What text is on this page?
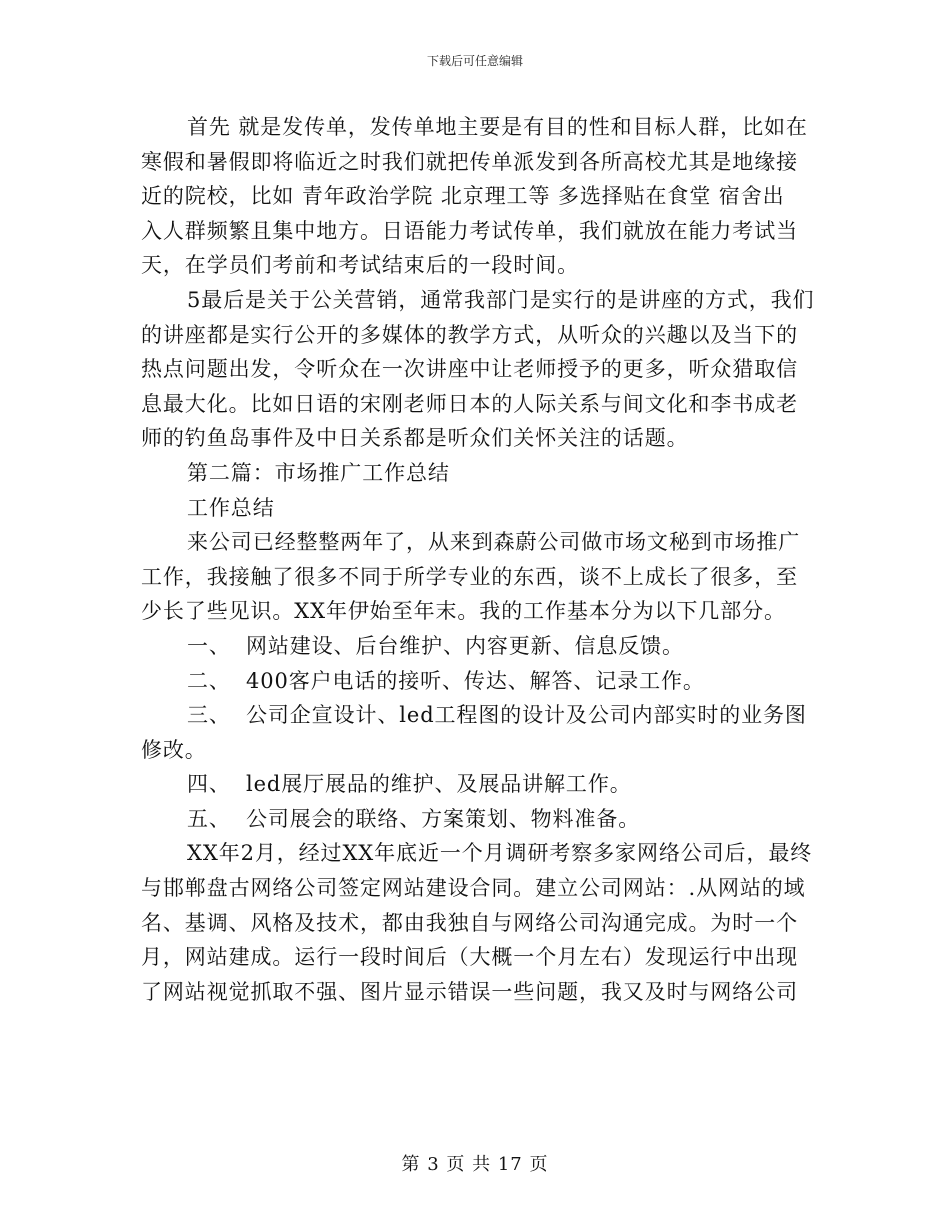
下载后可任意编辑

首先 就是发传单，发传单地主要是有目的性和目标人群，比如在

寒假和暑假即将临近之时我们就把传单派发到各所高校尤其是地缘接

近的院校，比如 青年政治学院 北京理工等 多选择贴在食堂 宿舍出

入人群频繁且集中地方。日语能力考试传单，我们就放在能力考试当

天，在学员们考前和考试结束后的一段时间。

5最后是关于公关营销，通常我部门是实行的是讲座的方式，我们

的讲座都是实行公开的多媒体的教学方式，从听众的兴趣以及当下的

热点问题出发，令听众在一次讲座中让老师授予的更多，听众猎取信

息最大化。比如日语的宋刚老师日本的人际关系与间文化和李书成老

师的钓鱼岛事件及中日关系都是听众们关怀关注的话题。

第二篇：市场推广工作总结

工作总结

来公司已经整整两年了，从来到森蔚公司做市场文秘到市场推广

工作，我接触了很多不同于所学专业的东西，谈不上成长了很多，至

少长了些见识。XX年伊始至年末。我的工作基本分为以下几部分。

一、  网站建设、后台维护、内容更新、信息反馈。

二、  400客户电话的接听、传达、解答、记录工作。

三、  公司企宣设计、led工程图的设计及公司内部实时的业务图

修改。

四、  led展厅展品的维护、及展品讲解工作。

五、  公司展会的联络、方案策划、物料准备。

XX年2月，经过XX年底近一个月调研考察多家网络公司后，最终

与邯郸盘古网络公司签定网站建设合同。建立公司网站：.从网站的域

名、基调、风格及技术，都由我独自与网络公司沟通完成。为时一个

月，网站建成。运行一段时间后（大概一个月左右）发现运行中出现

了网站视觉抓取不强、图片显示错误一些问题，我又及时与网络公司

第 3 页 共 17 页
